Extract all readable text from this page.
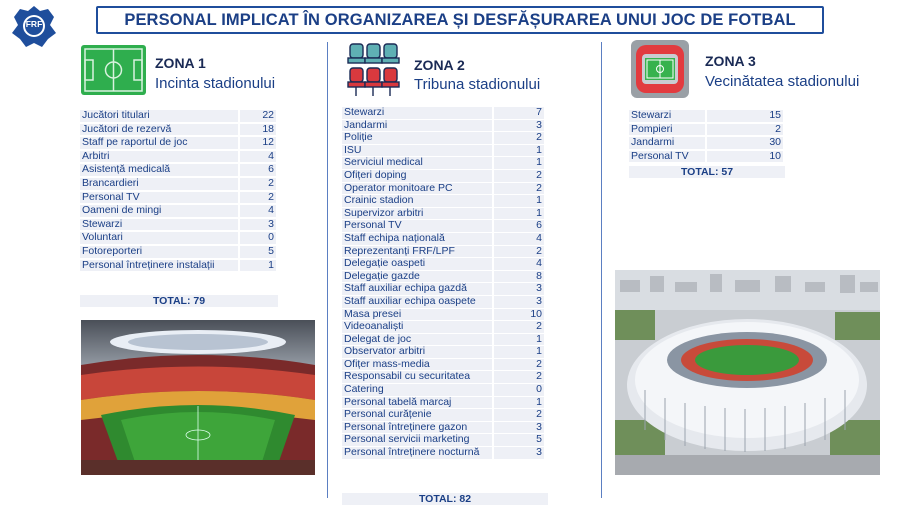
FRF	PERSONAL IMPLICAT ÎN ORGANIZAREA ȘI DESFĂȘURAREA UNUI JOC DE FOTBAL
ZONA 1
Incinta stadionului
ZONA 2
Tribuna stadionului
ZONA 3
Vecinătatea stadionului
Jucători titulari	22
Jucători de rezervă	18
Staff pe raportul de joc	12
Arbitri	4
Asistență medicală	6
Brancardieri	2
Personal TV	2
Oameni de mingi	4
Stewarzi	3
Voluntari	0
Fotoreporteri	5
Personal întreținere instalații	1
TOTAL: 79
Stewarzi	7
Jandarmi	3
Poliție	2
ISU	1
Serviciul medical	1
Ofițeri doping	2
Operator monitoare PC	2
Crainic stadion	1
Supervizor arbitri	1
Personal TV	6
Staff echipa națională	4
Reprezentanți FRF/LPF	2
Delegație oaspeti	4
Delegație gazde	8
Staff auxiliar echipa gazdă	3
Staff auxiliar echipa oaspete	3
Masa presei	10
Videoanaliști	2
Delegat de joc	1
Observator arbitri	1
Ofițer mass-media	2
Responsabil cu securitatea	2
Catering	0
Personal tabelă marcaj	1
Personal curățenie	2
Personal întreținere gazon	3
Personal servicii marketing	5
Personal întreținere nocturnă	3
TOTAL: 82
Stewarzi	15
Pompieri	2
Jandarmi	30
Personal TV	10
TOTAL: 57
